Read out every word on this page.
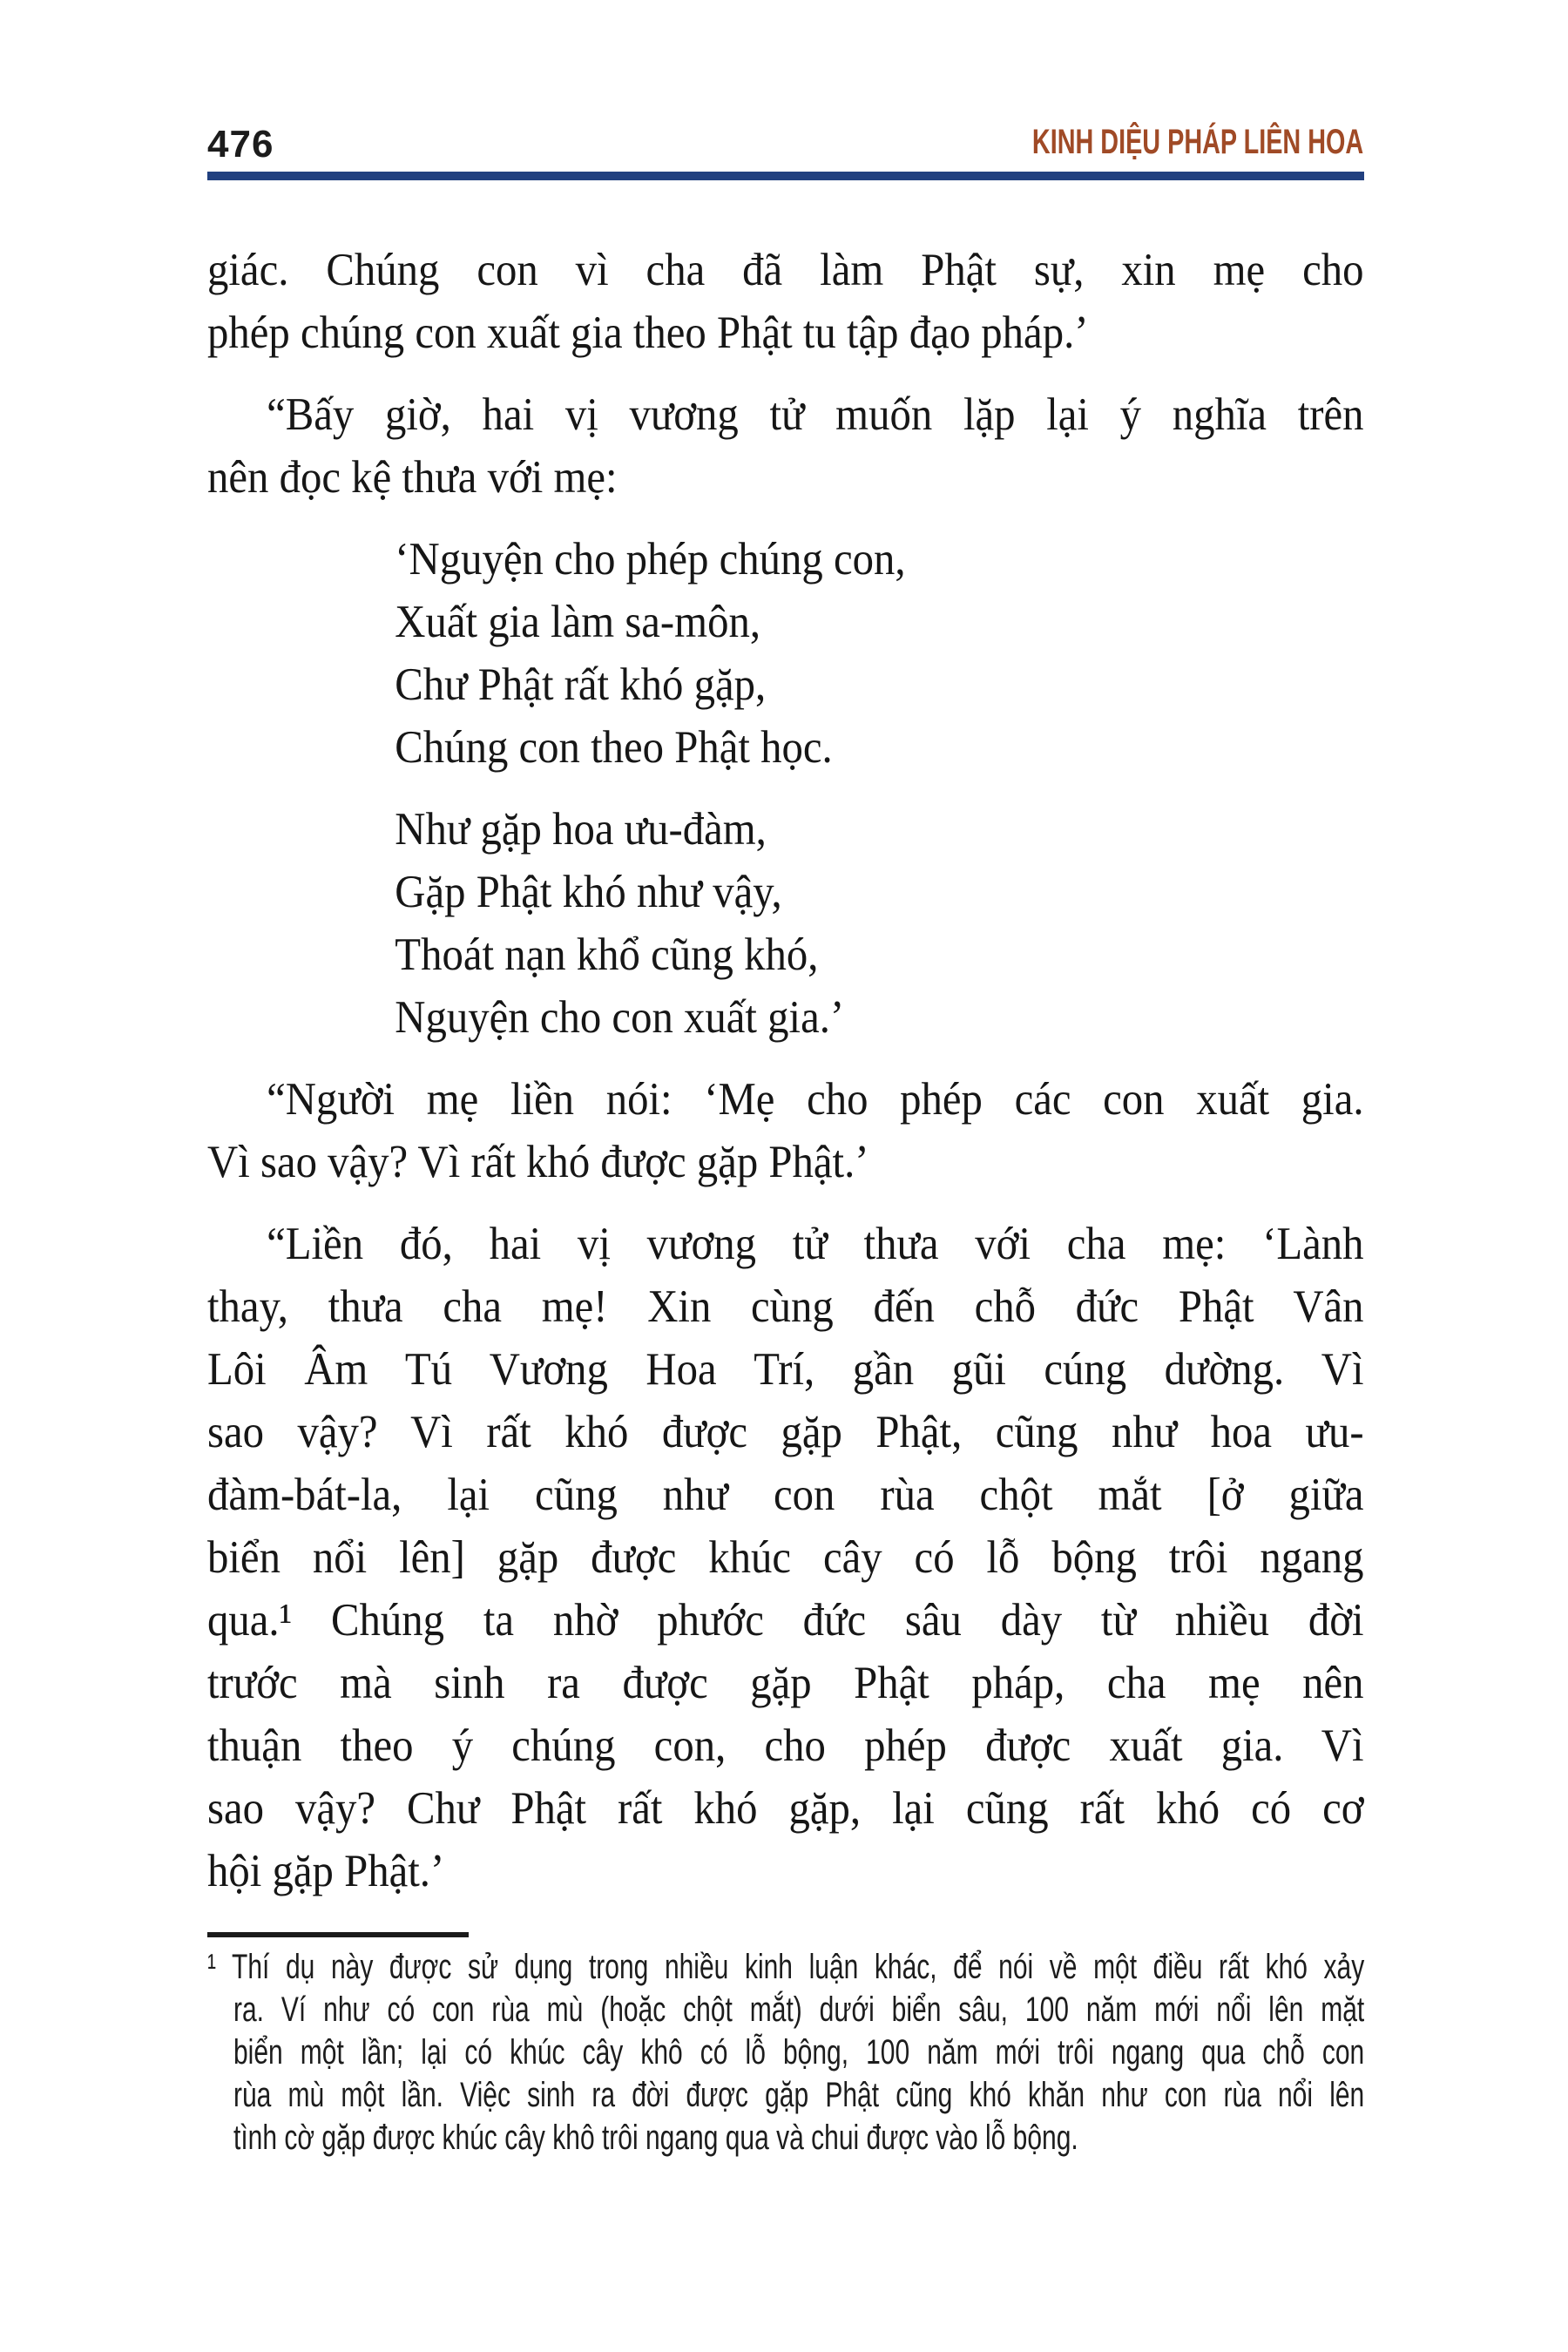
476	KINH DIỆU PHÁP LIÊN HOA
giác. Chúng con vì cha đã làm Phật sự, xin mẹ cho
phép chúng con xuất gia theo Phật tu tập đạo pháp.’
“Bấy giờ, hai vị vương tử muốn lặp lại ý nghĩa trên
nên đọc kệ thưa với mẹ:
‘Nguyện cho phép chúng con,
Xuất gia làm sa-môn,
Chư Phật rất khó gặp,
Chúng con theo Phật học.
Như gặp hoa ưu-đàm,
Gặp Phật khó như vậy,
Thoát nạn khổ cũng khó,
Nguyện cho con xuất gia.’
“Người mẹ liền nói: ‘Mẹ cho phép các con xuất gia.
Vì sao vậy? Vì rất khó được gặp Phật.’
“Liền đó, hai vị vương tử thưa với cha mẹ: ‘Lành
thay, thưa cha mẹ! Xin cùng đến chỗ đức Phật Vân
Lôi Âm Tú Vương Hoa Trí, gần gũi cúng dường. Vì
sao vậy? Vì rất khó được gặp Phật, cũng như hoa ưu-
đàm-bát-la, lại cũng như con rùa chột mắt [ở giữa
biển nổi lên] gặp được khúc cây có lỗ bộng trôi ngang
qua.¹ Chúng ta nhờ phước đức sâu dày từ nhiều đời
trước mà sinh ra được gặp Phật pháp, cha mẹ nên
thuận theo ý chúng con, cho phép được xuất gia. Vì
sao vậy? Chư Phật rất khó gặp, lại cũng rất khó có cơ
hội gặp Phật.’
¹ Thí dụ này được sử dụng trong nhiều kinh luận khác, để nói về một điều rất khó xảy
ra. Ví như có con rùa mù (hoặc chột mắt) dưới biển sâu, 100 năm mới nổi lên mặt
biển một lần; lại có khúc cây khô có lỗ bộng, 100 năm mới trôi ngang qua chỗ con
rùa mù một lần. Việc sinh ra đời được gặp Phật cũng khó khăn như con rùa nổi lên
tình cờ gặp được khúc cây khô trôi ngang qua và chui được vào lỗ bộng.
